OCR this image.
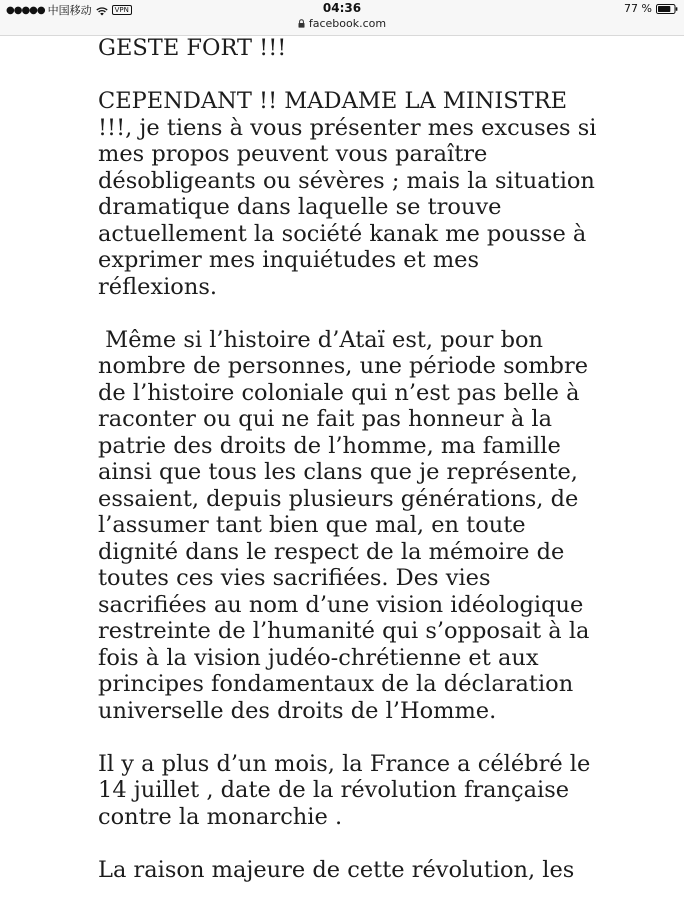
●●●●● 中国移动	VPN	04:36
facebook.com
77 %

GESTE FORT !!!

CEPENDANT !! MADAME LA MINISTRE !!!, je tiens à vous présenter mes excuses si mes propos peuvent vous paraître désobligeants ou sévères ; mais la situation dramatique dans laquelle se trouve actuellement la société kanak me pousse à exprimer mes inquiétudes et mes réflexions.

Même si l’histoire d’Ataï est, pour bon nombre de personnes, une période sombre de l’histoire coloniale qui n’est pas belle à raconter ou qui ne fait pas honneur à la patrie des droits de l’homme, ma famille ainsi que tous les clans que je représente, essaient, depuis plusieurs générations, de l’assumer tant bien que mal, en toute dignité dans le respect de la mémoire de toutes ces vies sacrifiées. Des vies sacrifiées au nom d’une vision idéologique restreinte de l’humanité qui s’opposait à la fois à la vision judéo-chrétienne et aux principes fondamentaux de la déclaration universelle des droits de l’Homme.

Il y a plus d’un mois, la France a célébré le 14 juillet , date de la révolution française contre la monarchie .

La raison majeure de cette révolution, les
